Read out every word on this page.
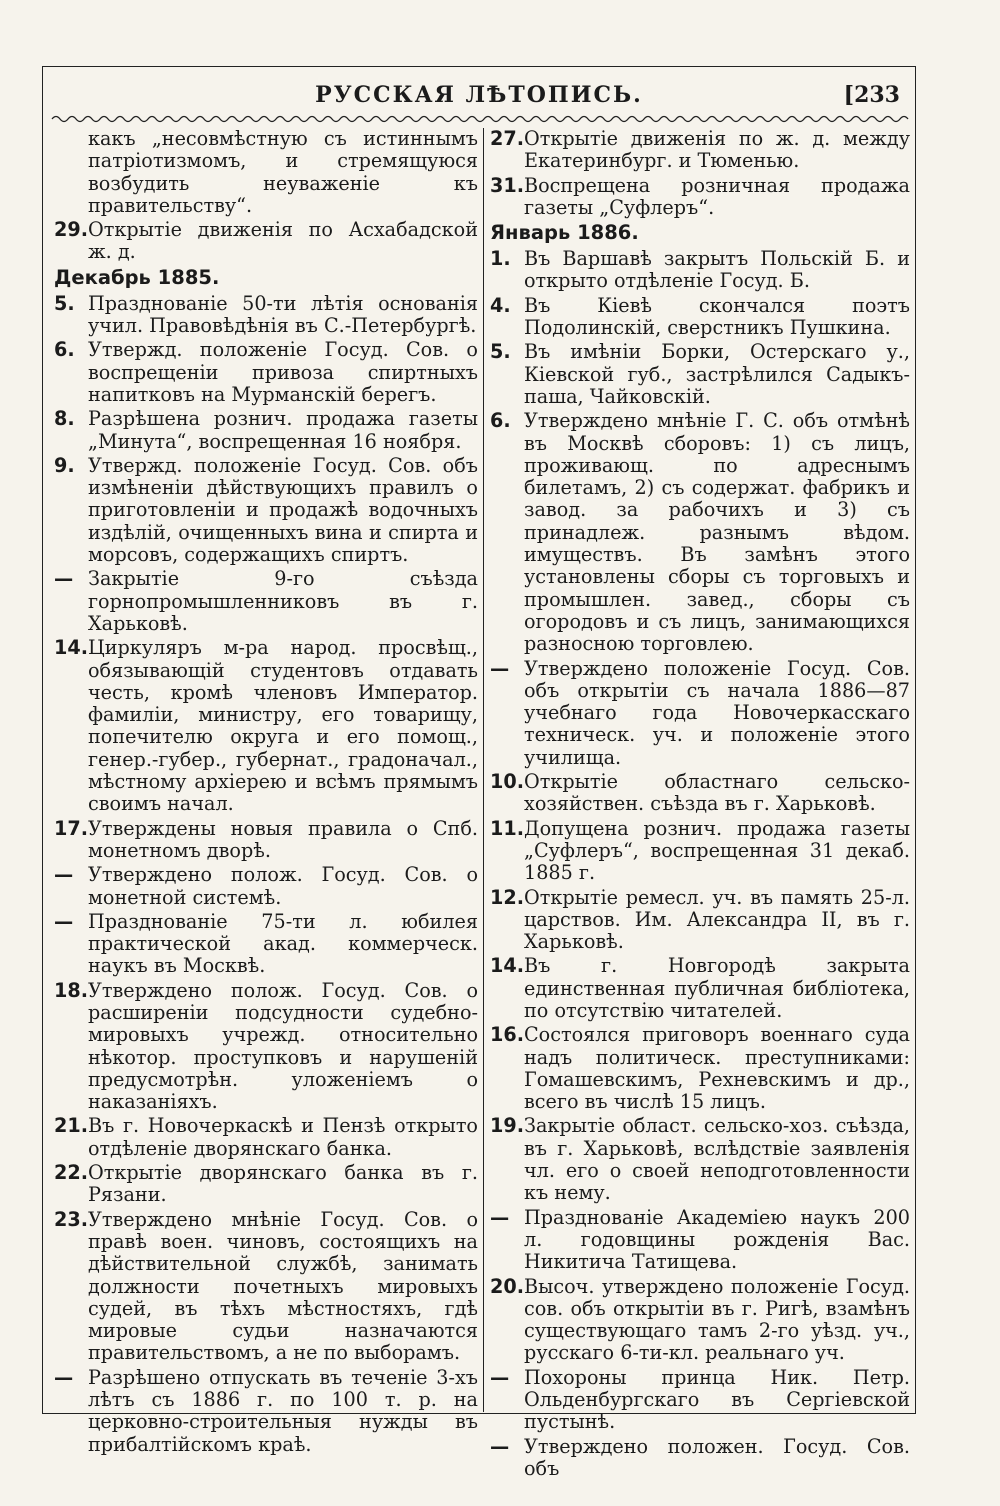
РУССКАЯ ЛѢТОПИСЬ.	[233
какъ „несовмѣстную съ истиннымъ патріотизмомъ, и стремящуюся возбудить неуваженіе къ правительству“.
29.Открытіе движенія по Асхабадской ж. д.
Декабрь 1885.
5. Празднованіе 50-ти лѣтія основанія учил. Правовѣдѣнія въ С.-Петербургѣ.
6. Утвержд. положеніе Госуд. Сов. о воспрещеніи привоза спиртныхъ напитковъ на Мурманскій берегъ.
8. Разрѣшена рознич. продажа газеты „Минута“, воспрещенная 16 ноября.
9. Утвержд. положеніе Госуд. Сов. объ измѣненіи дѣйствующихъ правилъ о приготовленіи и продажѣ водочныхъ издѣлій, очищенныхъ вина и спирта и морсовъ, содержащихъ спиртъ.
— Закрытіе 9-го съѣзда горнопромышленниковъ въ г. Харьковѣ.
14.Циркуляръ м-ра народ. просвѣщ., обязывающій студентовъ отдавать честь, кромѣ членовъ Император. фамиліи, министру, его товарищу, попечителю округа и его помощ., генер.-губер., губернат., градоначал., мѣстному архіерею и всѣмъ прямымъ своимъ начал.
17.Утверждены новыя правила о Спб. монетномъ дворѣ.
— Утверждено полож. Госуд. Сов. о монетной системѣ.
— Празднованіе 75-ти л. юбилея практической акад. коммерческ. наукъ въ Москвѣ.
18.Утверждено полож. Госуд. Сов. о расширеніи подсудности судебно-мировыхъ учрежд. относительно нѣкотор. проступковъ и нарушеній предусмотрѣн. уложеніемъ о наказаніяхъ.
21.Въ г. Новочеркаскѣ и Пензѣ открыто отдѣленіе дворянскаго банка.
22.Открытіе дворянскаго банка въ г. Рязани.
23.Утверждено мнѣніе Госуд. Сов. о правѣ воен. чиновъ, состоящихъ на дѣйствительной службѣ, занимать должности почетныхъ мировыхъ судей, въ тѣхъ мѣстностяхъ, гдѣ мировые судьи назначаются правительствомъ, а не по выборамъ.
— Разрѣшено отпускать въ теченіе 3-хъ лѣтъ съ 1886 г. по 100 т. р. на церковно-строительныя нужды въ прибалтійскомъ краѣ.
27.Открытіе движенія по ж. д. между Екатеринбург. и Тюменью.
31.Воспрещена розничная продажа газеты „Суфлеръ“.
Январь 1886.
1. Въ Варшавѣ закрытъ Польскій Б. и открыто отдѣленіе Госуд. Б.
4. Въ Кіевѣ скончался поэтъ Подолинскій, сверстникъ Пушкина.
5. Въ имѣніи Борки, Остерскаго у., Кіевской губ., застрѣлился Садыкъ-паша, Чайковскій.
6. Утверждено мнѣніе Г. С. объ отмѣнѣ въ Москвѣ сборовъ: 1) съ лицъ, проживающ. по адреснымъ билетамъ, 2) съ содержат. фабрикъ и завод. за рабочихъ и 3) съ принадлеж. разнымъ вѣдом. имуществъ. Въ замѣнъ этого установлены сборы съ торговыхъ и промышлен. завед., сборы съ огородовъ и съ лицъ, занимающихся разносною торговлею.
— Утверждено положеніе Госуд. Сов. объ открытіи съ начала 1886—87 учебнаго года Новочеркасскаго техническ. уч. и положеніе этого училища.
10.Открытіе областнаго сельско-хозяйствен. съѣзда въ г. Харьковѣ.
11.Допущена рознич. продажа газеты „Суфлеръ“, воспрещенная 31 декаб. 1885 г.
12.Открытіе ремесл. уч. въ память 25-л. царствов. Им. Александра II, въ г. Харьковѣ.
14.Въ г. Новгородѣ закрыта единственная публичная библіотека, по отсутствію читателей.
16.Состоялся приговоръ военнаго суда надъ политическ. преступниками: Гомашевскимъ, Рехневскимъ и др., всего въ числѣ 15 лицъ.
19.Закрытіе област. сельско-хоз. съѣзда, въ г. Харьковѣ, вслѣдствіе заявленія чл. его о своей неподготовленности къ нему.
— Празднованіе Академіею наукъ 200 л. годовщины рожденія Вас. Никитича Татищева.
20.Высоч. утверждено положеніе Госуд. сов. объ открытіи въ г. Ригѣ, взамѣнъ существующаго тамъ 2-го уѣзд. уч., русскаго 6-ти-кл. реальнаго уч.
— Похороны принца Ник. Петр. Ольденбургскаго въ Сергіевской пустынѣ.
— Утверждено положен. Госуд. Сов. объ
